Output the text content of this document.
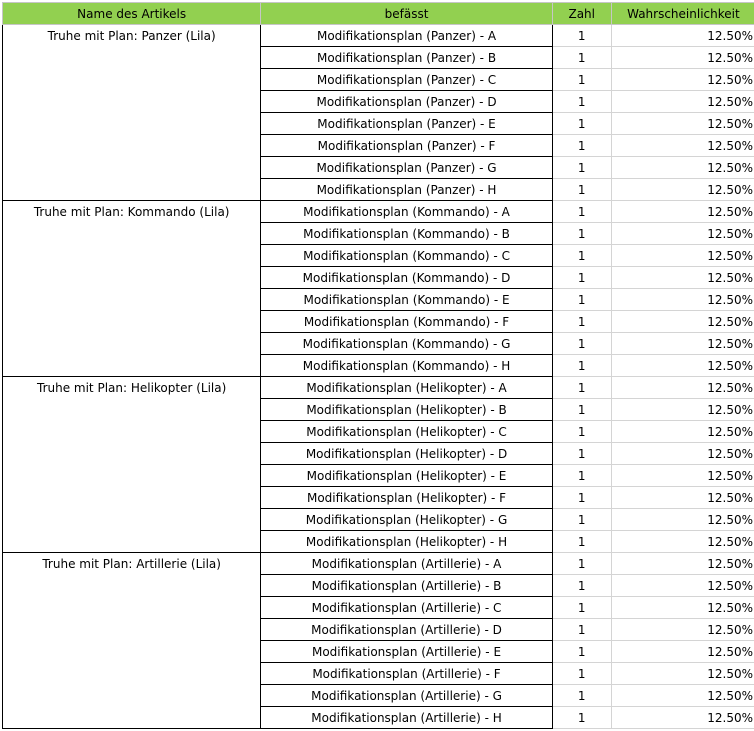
Name des Artikels	befässt	Zahl	Wahrscheinlichkeit
Truhe mit Plan: Panzer (Lila)	Modifikationsplan (Panzer) - A	1	12.50%
	Modifikationsplan (Panzer) - B	1	12.50%
	Modifikationsplan (Panzer) - C	1	12.50%
	Modifikationsplan (Panzer) - D	1	12.50%
	Modifikationsplan (Panzer) - E	1	12.50%
	Modifikationsplan (Panzer) - F	1	12.50%
	Modifikationsplan (Panzer) - G	1	12.50%
	Modifikationsplan (Panzer) - H	1	12.50%
Truhe mit Plan: Kommando (Lila)	Modifikationsplan (Kommando) - A	1	12.50%
	Modifikationsplan (Kommando) - B	1	12.50%
	Modifikationsplan (Kommando) - C	1	12.50%
	Modifikationsplan (Kommando) - D	1	12.50%
	Modifikationsplan (Kommando) - E	1	12.50%
	Modifikationsplan (Kommando) - F	1	12.50%
	Modifikationsplan (Kommando) - G	1	12.50%
	Modifikationsplan (Kommando) - H	1	12.50%
Truhe mit Plan: Helikopter (Lila)	Modifikationsplan (Helikopter) - A	1	12.50%
	Modifikationsplan (Helikopter) - B	1	12.50%
	Modifikationsplan (Helikopter) - C	1	12.50%
	Modifikationsplan (Helikopter) - D	1	12.50%
	Modifikationsplan (Helikopter) - E	1	12.50%
	Modifikationsplan (Helikopter) - F	1	12.50%
	Modifikationsplan (Helikopter) - G	1	12.50%
	Modifikationsplan (Helikopter) - H	1	12.50%
Truhe mit Plan: Artillerie (Lila)	Modifikationsplan (Artillerie) - A	1	12.50%
	Modifikationsplan (Artillerie) - B	1	12.50%
	Modifikationsplan (Artillerie) - C	1	12.50%
	Modifikationsplan (Artillerie) - D	1	12.50%
	Modifikationsplan (Artillerie) - E	1	12.50%
	Modifikationsplan (Artillerie) - F	1	12.50%
	Modifikationsplan (Artillerie) - G	1	12.50%
	Modifikationsplan (Artillerie) - H	1	12.50%
